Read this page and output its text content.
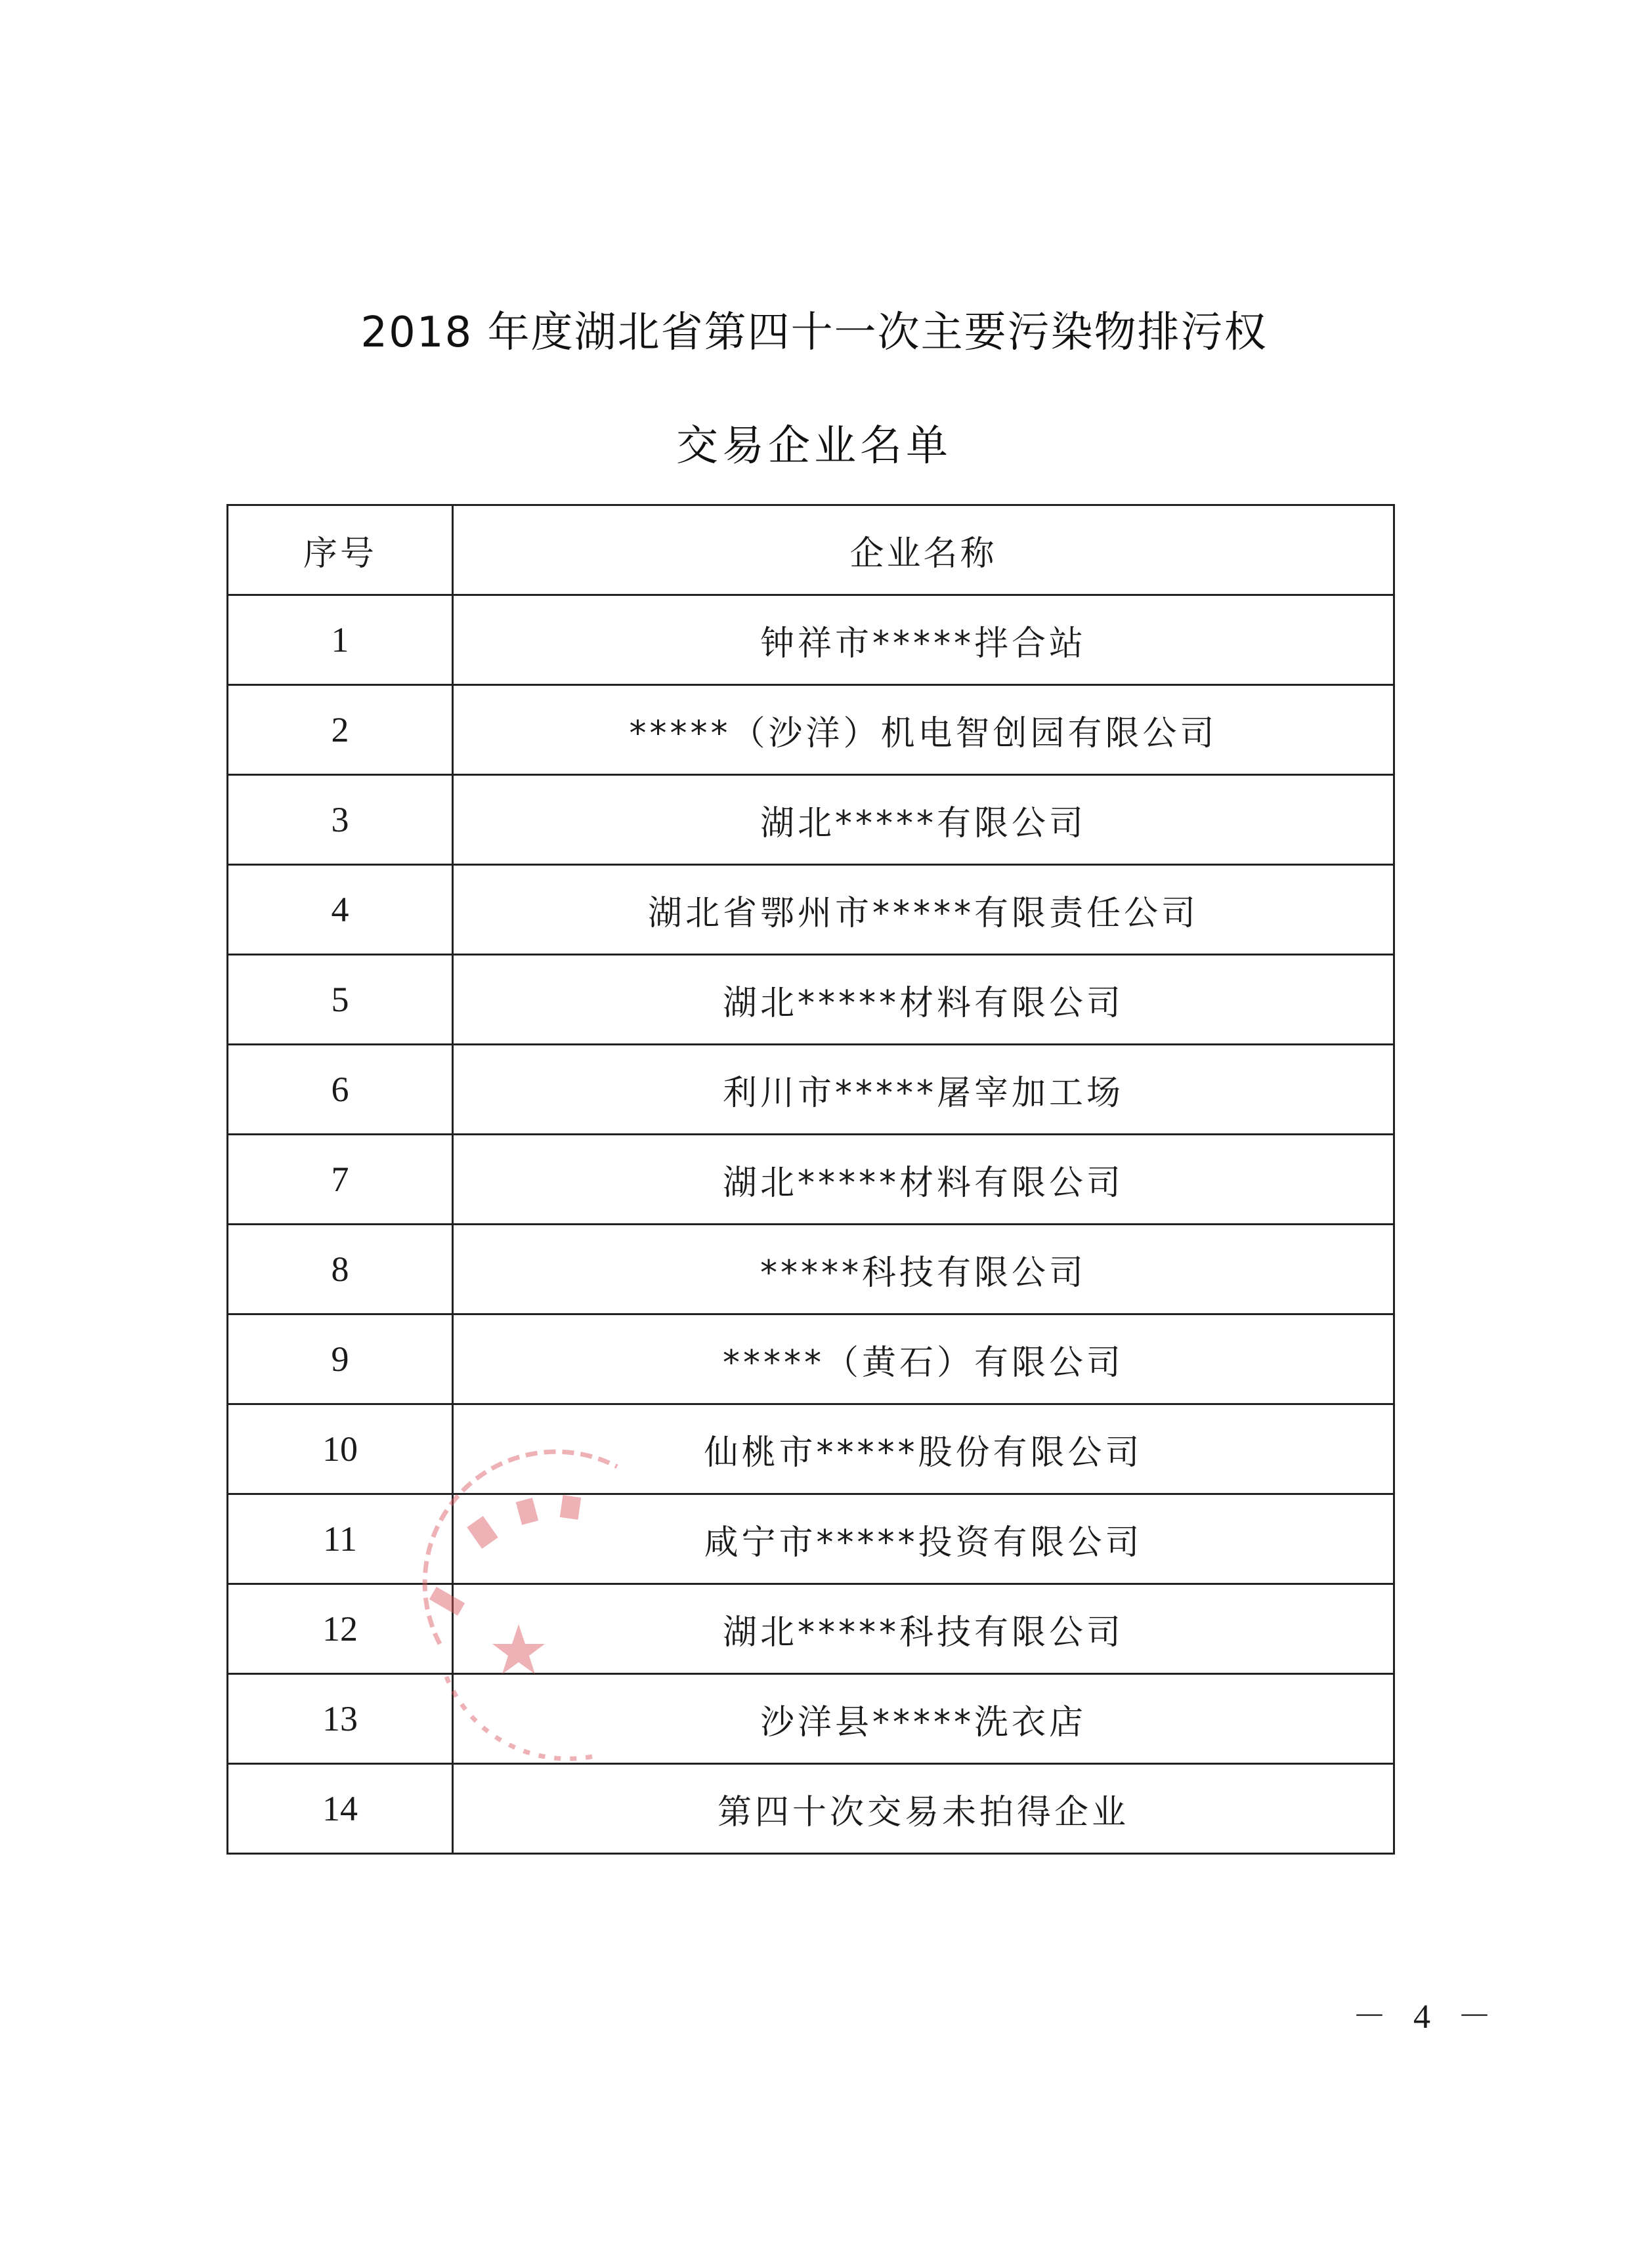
2018 年度湖北省第四十一次主要污染物排污权
交易企业名单
序号	企业名称
1	钟祥市*****拌合站
2	*****（沙洋）机电智创园有限公司
3	湖北*****有限公司
4	湖北省鄂州市*****有限责任公司
5	湖北*****材料有限公司
6	利川市*****屠宰加工场
7	湖北*****材料有限公司
8	*****科技有限公司
9	*****（黄石）有限公司
10	仙桃市*****股份有限公司
11	咸宁市*****投资有限公司
12	湖北*****科技有限公司
13	沙洋县*****洗衣店
14	第四十次交易未拍得企业
－ 4 －
